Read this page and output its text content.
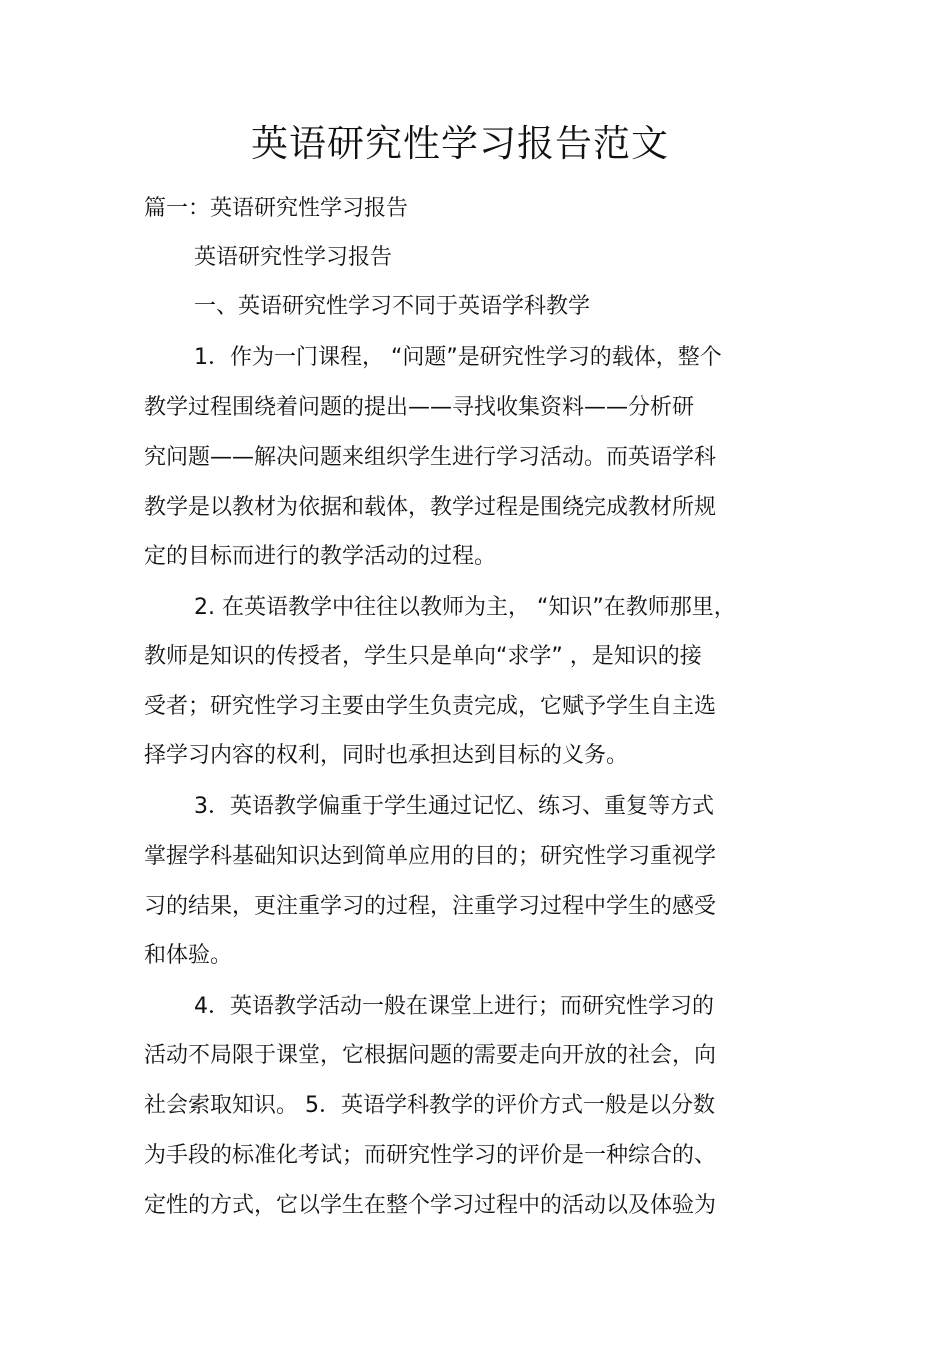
英语研究性学习报告范文
篇一：英语研究性学习报告
英语研究性学习报告
一、英语研究性学习不同于英语学科教学
1．作为一门课程， “问题”是研究性学习的载体，整个
教学过程围绕着问题的提出——寻找收集资料——分析研
究问题——解决问题来组织学生进行学习活动。而英语学科
教学是以教材为依据和载体，教学过程是围绕完成教材所规
定的目标而进行的教学活动的过程。
2. 在英语教学中往往以教师为主， “知识”在教师那里，
教师是知识的传授者，学生只是单向“求学” ，是知识的接
受者；研究性学习主要由学生负责完成，它赋予学生自主选
择学习内容的权利，同时也承担达到目标的义务。
3．英语教学偏重于学生通过记忆、练习、重复等方式
掌握学科基础知识达到简单应用的目的；研究性学习重视学
习的结果，更注重学习的过程，注重学习过程中学生的感受
和体验。
4．英语教学活动一般在课堂上进行；而研究性学习的
活动不局限于课堂，它根据问题的需要走向开放的社会，向
社会索取知识。 5．英语学科教学的评价方式一般是以分数
为手段的标准化考试；而研究性学习的评价是一种综合的、
定性的方式，它以学生在整个学习过程中的活动以及体验为
